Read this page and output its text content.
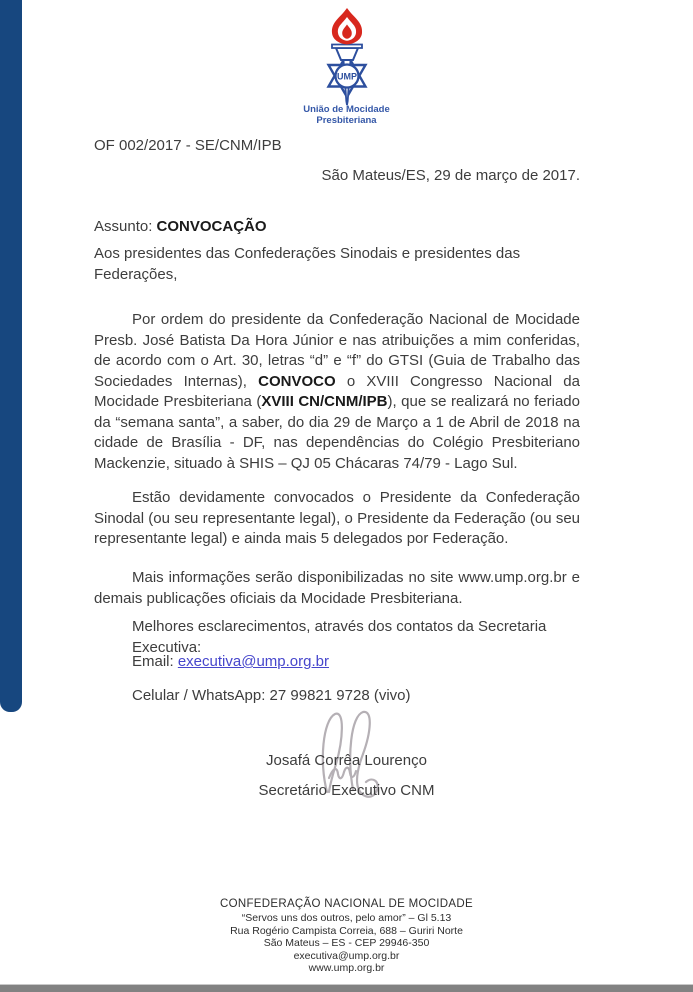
UMP
União de Mocidade
Presbiteriana

OF 002/2017 - SE/CNM/IPB

São Mateus/ES, 29 de março de 2017.

Assunto: CONVOCAÇÃO

Aos presidentes das Confederações Sinodais e presidentes das Federações,

Por ordem do presidente da Confederação Nacional de Mocidade Presb. José Batista Da Hora Júnior e nas atribuições a mim conferidas, de acordo com o Art. 30, letras “d” e “f” do GTSI (Guia de Trabalho das Sociedades Internas), CONVOCO o XVIII Congresso Nacional da Mocidade Presbiteriana (XVIII CN/CNM/IPB), que se realizará no feriado da “semana santa”, a saber, do dia 29 de Março a 1 de Abril de 2018 na cidade de Brasília - DF, nas dependências do Colégio Presbiteriano Mackenzie, situado à SHIS – QJ 05 Chácaras 74/79 - Lago Sul.

Estão devidamente convocados o Presidente da Confederação Sinodal (ou seu representante legal), o Presidente da Federação (ou seu representante legal) e ainda mais 5 delegados por Federação.

Mais informações serão disponibilizadas no site www.ump.org.br e demais publicações oficiais da Mocidade Presbiteriana.

Melhores esclarecimentos, através dos contatos da Secretaria Executiva:

Email: executiva@ump.org.br

Celular / WhatsApp: 27 99821 9728 (vivo)

Josafá Corrêa Lourenço
Secretário Executivo CNM
CONFEDERAÇÃO NACIONAL DE MOCIDADE
“Servos uns dos outros, pelo amor” – Gl 5.13
Rua Rogério Campista Correia, 688 – Guriri Norte
São Mateus – ES - CEP 29946-350
executiva@ump.org.br
www.ump.org.br
